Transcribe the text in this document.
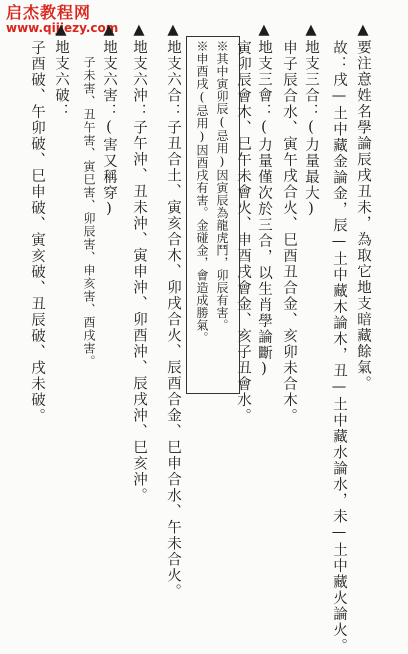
启杰教程网
www.qijiezy.com	▲要注意姓名學論辰戌丑未，為取它地支暗藏餘氣。
故：戌—土中藏金論金，辰—土中藏木論木，丑—土中藏水論水，未—土中藏火論火。
▲地支三合：(力量最大)
申子辰合水、寅午戌合火、巳酉丑合金、亥卯未合木。
▲地支三會：(力量僅次於三合，以生肖學論斷)
寅卯辰會木、巳午未會火、申酉戌會金、亥子丑會水。
※其中寅卯辰(忌用)因寅辰為龍虎鬥，卯辰有害。
※申酉戌(忌用)因酉戌有害。金碰金，會造成勝氣。
▲地支六合：子丑合土、寅亥合木、卯戌合火、辰酉合金、巳申合水、午未合火。
▲地支六沖：子午沖、丑未沖、寅申沖、卯酉沖、辰戌沖、巳亥沖。
▲地支六害：(害又稱穿)
子未害、丑午害、寅巳害、卯辰害、申亥害、酉戌害。
▲地支六破：
子酉破、午卯破、巳申破、寅亥破、丑辰破、戌未破。
